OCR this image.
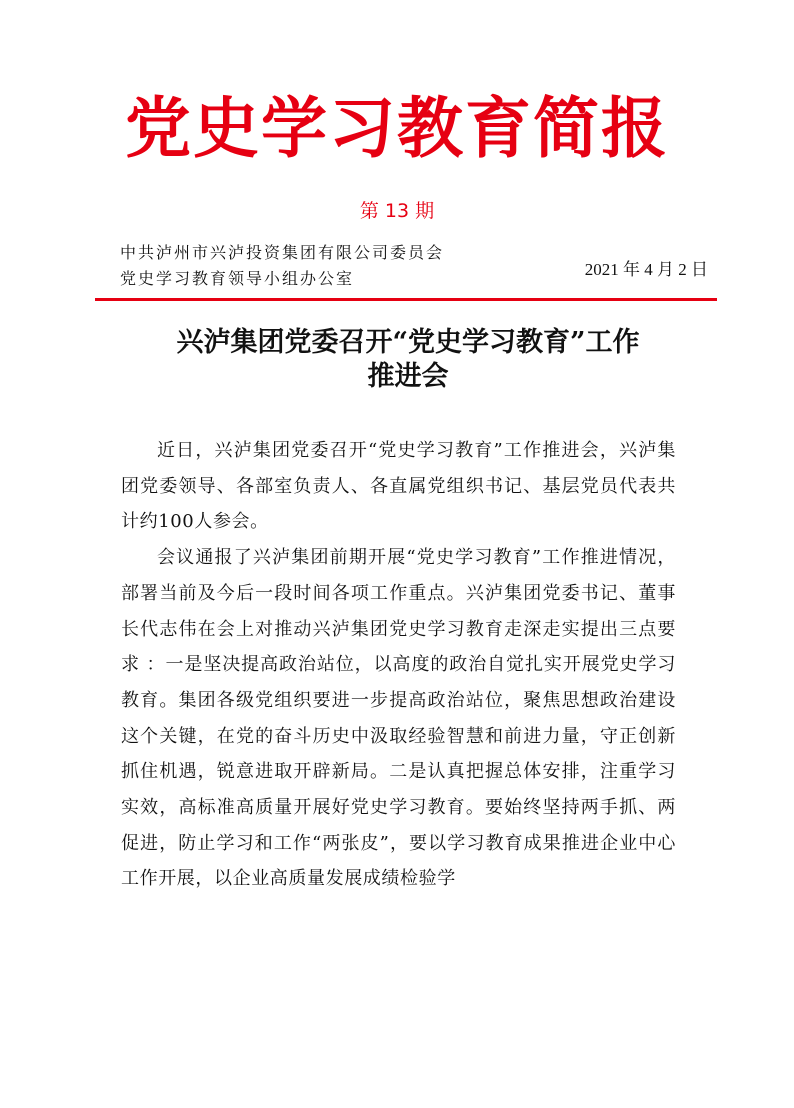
党史学习教育简报
第 13 期
中共泸州市兴泸投资集团有限公司委员会
党史学习教育领导小组办公室	2021 年 4 月 2 日
兴泸集团党委召开“党史学习教育”工作
推进会

近日，兴泸集团党委召开“党史学习教育”工作推进会，兴泸集团党委领导、各部室负责人、各直属党组织书记、基层党员代表共计约100人参会。

会议通报了兴泸集团前期开展“党史学习教育”工作推进情况，部署当前及今后一段时间各项工作重点。兴泸集团党委书记、董事长代志伟在会上对推动兴泸集团党史学习教育走深走实提出三点要求 ：一是坚决提高政治站位，以高度的政治自觉扎实开展党史学习教育。集团各级党组织要进一步提高政治站位，聚焦思想政治建设这个关键，在党的奋斗历史中汲取经验智慧和前进力量，守正创新抓住机遇，锐意进取开辟新局。二是认真把握总体安排，注重学习实效，高标准高质量开展好党史学习教育。要始终坚持两手抓、两促进，防止学习和工作“两张皮”，要以学习教育成果推进企业中心工作开展，以企业高质量发展成绩检验学
